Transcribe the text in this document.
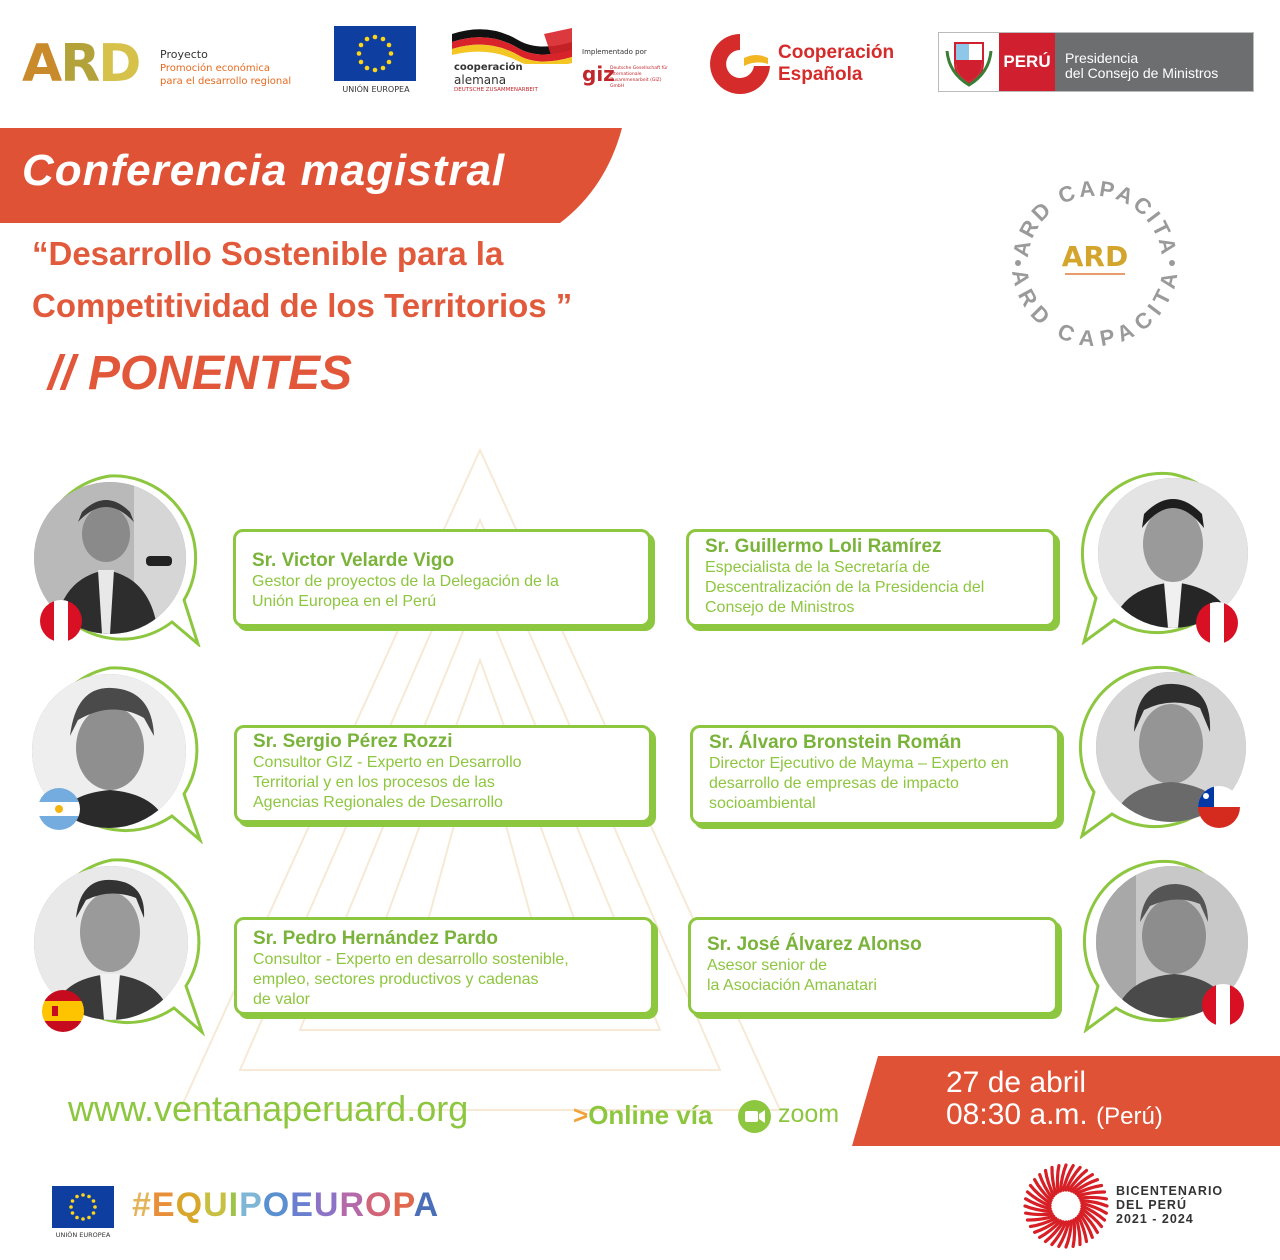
ARD Proyecto
Promoción económica
para el desarrollo regional
UNIÓN EUROPEA
cooperación
alemana
DEUTSCHE ZUSAMMENARBEIT
Implementado por
giz
Deutsche Gesellschaft für Internationale Zusammenarbeit (GIZ) GmbH
Cooperación
Española
PERÚ	Presidencia
del Consejo de Ministros
Conferencia magistral
“Desarrollo Sostenible para la
Competitividad de los Territorios ”
// PONENTES
ARD CAPACITA
ARD CAPACITA
ARD
Sr. Victor Velarde Vigo
Gestor de proyectos de la Delegación de la
Unión Europea en el Perú
Sr. Guillermo Loli Ramírez
Especialista de la Secretaría de
Descentralización de la Presidencia del
Consejo de Ministros
Sr. Sergio Pérez Rozzi
Consultor GIZ - Experto en Desarrollo
Territorial y en los procesos de las
Agencias Regionales de Desarrollo
Sr. Álvaro Bronstein Román
Director Ejecutivo de Mayma – Experto en
desarrollo de empresas de impacto
socioambiental
Sr. Pedro Hernández Pardo
Consultor - Experto en desarrollo sostenible,
empleo, sectores productivos y cadenas
de valor
Sr. José Álvarez Alonso
Asesor senior de
la Asociación Amanatari
www.ventanaperuard.org	>Online vía	zoom
27 de abril
08:30 a.m. (Perú)
UNIÓN EUROPEA
#EQUIPOEUROPA	BICENTENARIO
DEL PERÚ
2021 - 2024
